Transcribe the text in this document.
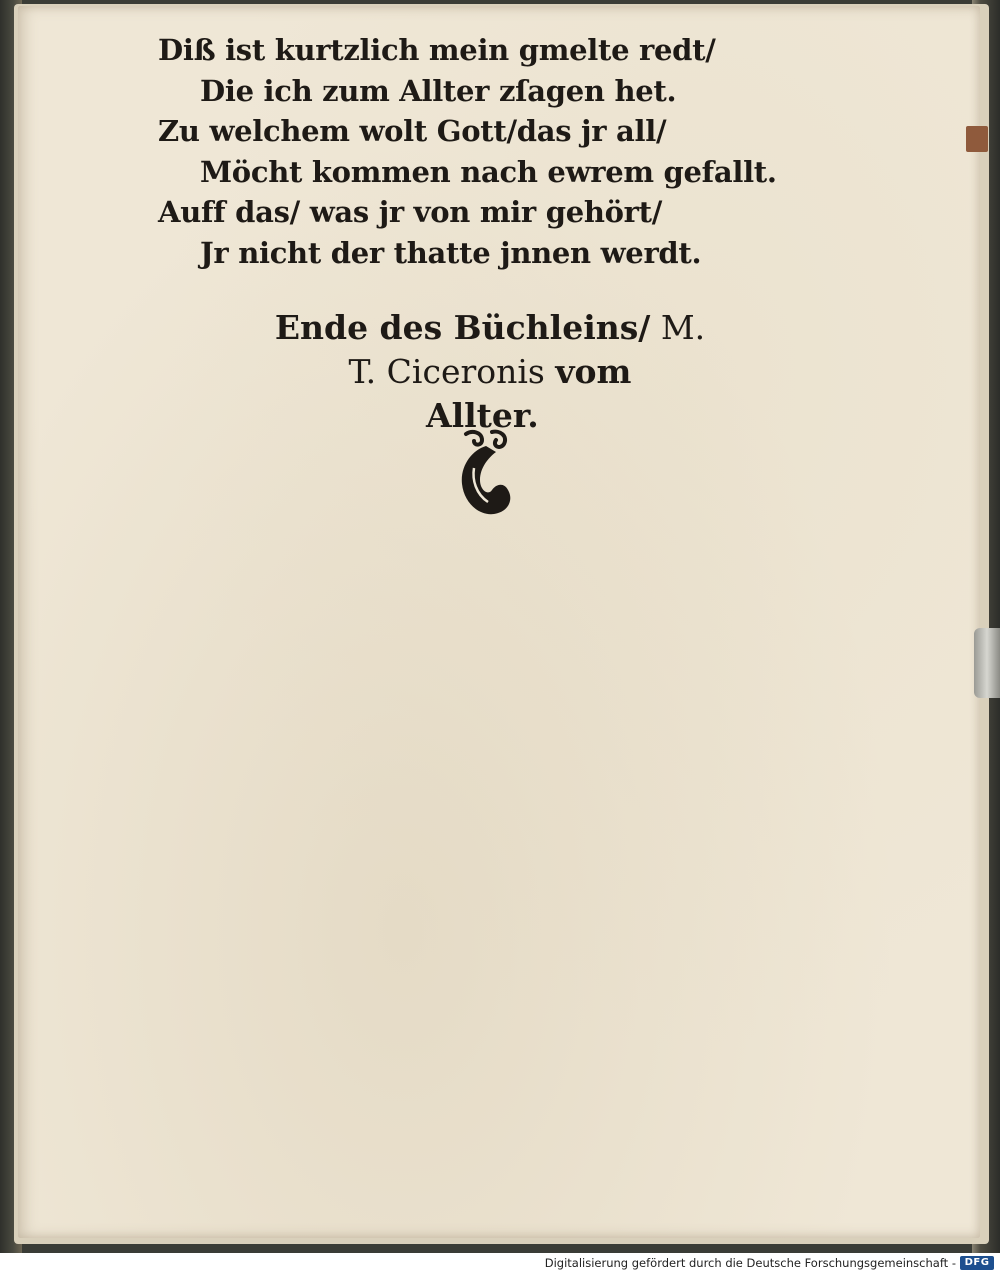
Diß ist kurtzlich mein gmelte redt/
Die ich zum Allter zſagen het.
Zu welchem wolt Gott/das jr all/
Möcht kommen nach ewrem gefallt.
Auff das/ was jr von mir gehört/
Jr nicht der thatte jnnen werdt.
Ende des Büchleins/ M.
T. Ciceronis vom
Allter.
Digitalisierung gefördert durch die Deutsche Forschungsgemeinschaft - DFG
